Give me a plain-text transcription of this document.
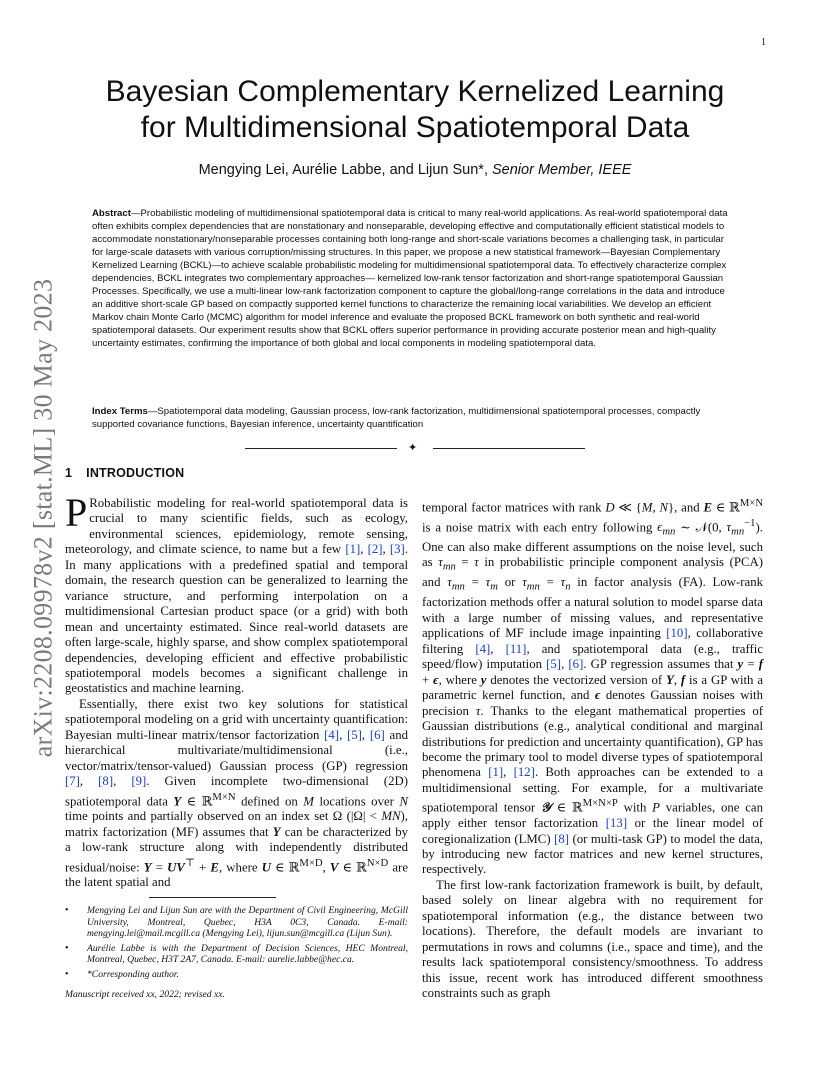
1
arXiv:2208.09978v2 [stat.ML] 30 May 2023
Bayesian Complementary Kernelized Learning
for Multidimensional Spatiotemporal Data
Mengying Lei, Aurélie Labbe, and Lijun Sun*, Senior Member, IEEE
Abstract—Probabilistic modeling of multidimensional spatiotemporal data is critical to many real-world applications. As real-world spatiotemporal data often exhibits complex dependencies that are nonstationary and nonseparable, developing effective and computationally efficient statistical models to accommodate nonstationary/nonseparable processes containing both long-range and short-scale variations becomes a challenging task, in particular for large-scale datasets with various corruption/missing structures. In this paper, we propose a new statistical framework—Bayesian Complementary Kernelized Learning (BCKL)—to achieve scalable probabilistic modeling for multidimensional spatiotemporal data. To effectively characterize complex dependencies, BCKL integrates two complementary approaches— kernelized low-rank tensor factorization and short-range spatiotemporal Gaussian Processes. Specifically, we use a multi-linear low-rank factorization component to capture the global/long-range correlations in the data and introduce an additive short-scale GP based on compactly supported kernel functions to characterize the remaining local variabilities. We develop an efficient Markov chain Monte Carlo (MCMC) algorithm for model inference and evaluate the proposed BCKL framework on both synthetic and real-world spatiotemporal datasets. Our experiment results show that BCKL offers superior performance in providing accurate posterior mean and high-quality uncertainty estimates, confirming the importance of both global and local components in modeling spatiotemporal data.
Index Terms—Spatiotemporal data modeling, Gaussian process, low-rank factorization, multidimensional spatiotemporal processes, compactly supported covariance functions, Bayesian inference, uncertainty quantification
✦
1 INTRODUCTION

P Robabilistic modeling for real-world spatiotemporal data is crucial to many scientific fields, such as ecology, environmental sciences, epidemiology, remote sensing, meteorology, and climate science, to name but a few [1], [2], [3]. In many applications with a predefined spatial and temporal domain, the research question can be generalized to learning the variance structure, and performing interpolation on a multidimensional Cartesian product space (or a grid) with both mean and uncertainty estimated. Since real-world datasets are often large-scale, highly sparse, and show complex spatiotemporal dependencies, developing efficient and effective probabilistic spatiotemporal models becomes a significant challenge in geostatistics and machine learning.

Essentially, there exist two key solutions for statistical spatiotemporal modeling on a grid with uncertainty quantification: Bayesian multi-linear matrix/tensor factorization [4], [5], [6] and hierarchical multivariate/multidimensional (i.e., vector/matrix/tensor-valued) Gaussian process (GP) regression [7], [8], [9]. Given incomplete two-dimensional (2D) spatiotemporal data Y ∈ ℝ$^{M\times N}$ defined on M locations over N time points and partially observed on an index set Ω (|Ω| < MN), matrix factorization (MF) assumes that Y can be characterized by a low-rank structure along with independently distributed residual/noise: Y = UV⊤ + E, where U ∈ ℝ$^{M\times D}$, V ∈ ℝ$^{N\times D}$ are the latent spatial and

temporal factor matrices with rank D ≪ {M, N}, and E ∈ ℝ$^{M\times N}$ is a noise matrix with each entry following $\epsilon_{mn}$ ∼ 𝒩(0, $\tau_{mn}^{-1}$). One can also make different assumptions on the noise level, such as $\tau_{mn} = \tau$ in probabilistic principle component analysis (PCA) and $\tau_{mn} = \tau_m$ or $\tau_{mn} = \tau_n$ in factor analysis (FA). Low-rank factorization methods offer a natural solution to model sparse data with a large number of missing values, and representative applications of MF include image inpainting [10], collaborative filtering [4], [11], and spatiotemporal data (e.g., traffic speed/flow) imputation [5], [6]. GP regression assumes that y = f + ϵ, where y denotes the vectorized version of Y, f is a GP with a parametric kernel function, and ϵ denotes Gaussian noises with precision τ. Thanks to the elegant mathematical properties of Gaussian distributions (e.g., analytical conditional and marginal distributions for prediction and uncertainty quantification), GP has become the primary tool to model diverse types of spatiotemporal phenomena [1], [12]. Both approaches can be extended to a multidimensional setting. For example, for a multivariate spatiotemporal tensor 𝒴 ∈ ℝ$^{M\times N\times P}$ with P variables, one can apply either tensor factorization [13] or the linear model of coregionalization (LMC) [8] (or multi-task GP) to model the data, by introducing new factor matrices and new kernel structures, respectively.

The first low-rank factorization framework is built, by default, based solely on linear algebra with no requirement for spatiotemporal information (e.g., the distance between two locations). Therefore, the default models are invariant to permutations in rows and columns (i.e., space and time), and the results lack spatiotemporal consistency/smoothness. To address this issue, recent work has introduced different smoothness constraints such as graph

• Mengying Lei and Lijun Sun are with the Department of Civil Engineering, McGill University, Montreal, Quebec, H3A 0C3, Canada. E-mail: mengying.lei@mail.mcgill.ca (Mengying Lei), lijun.sun@mcgill.ca (Lijun Sun).
• Aurélie Labbe is with the Department of Decision Sciences, HEC Montreal, Montreal, Quebec, H3T 2A7, Canada. E-mail: aurelie.labbe@hec.ca.
• *Corresponding author.
Manuscript received xx, 2022; revised xx.
